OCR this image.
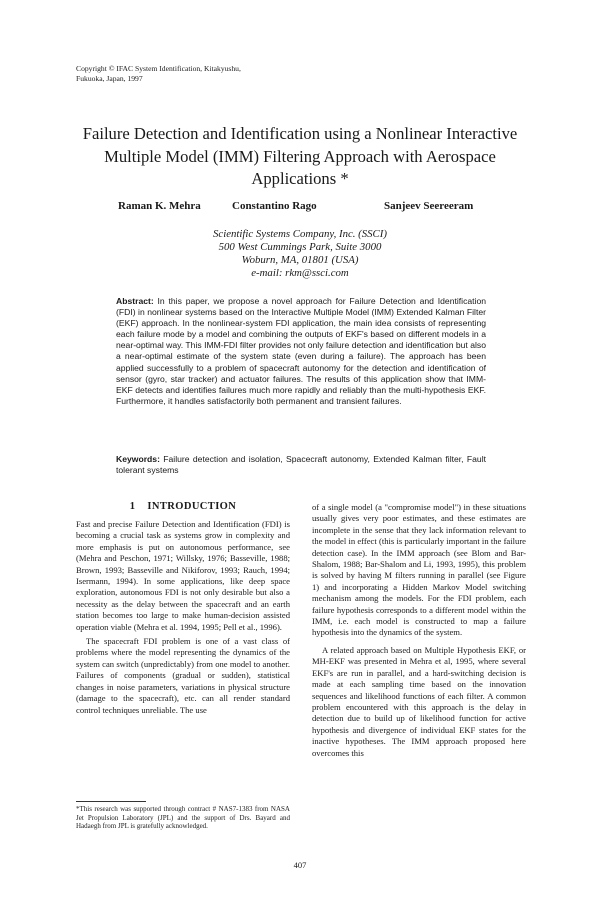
Copyright © IFAC System Identification, Kitakyushu,
Fukuoka, Japan, 1997
Failure Detection and Identification using a Nonlinear Interactive
Multiple Model (IMM) Filtering Approach with Aerospace
Applications *
Raman K. Mehra	Constantino Rago	Sanjeev Seereeram
Scientific Systems Company, Inc. (SSCI)
500 West Cummings Park, Suite 3000
Woburn, MA, 01801 (USA)
e-mail: rkm@ssci.com
Abstract: In this paper, we propose a novel approach for Failure Detection and Identification (FDI) in nonlinear systems based on the Interactive Multiple Model (IMM) Extended Kalman Filter (EKF) approach. In the nonlinear-system FDI application, the main idea consists of representing each failure mode by a model and combining the outputs of EKF's based on different models in a near-optimal way. This IMM-FDI filter provides not only failure detection and identification but also a near-optimal estimate of the system state (even during a failure). The approach has been applied successfully to a problem of spacecraft autonomy for the detection and identification of sensor (gyro, star tracker) and actuator failures. The results of this application show that IMM-EKF detects and identifies failures much more rapidly and reliably than the multi-hypothesis EKF. Furthermore, it handles satisfactorily both permanent and transient failures.
Keywords: Failure detection and isolation, Spacecraft autonomy, Extended Kalman filter, Fault tolerant systems
1 INTRODUCTION

Fast and precise Failure Detection and Identification (FDI) is becoming a crucial task as systems grow in complexity and more emphasis is put on autonomous performance, see (Mehra and Peschon, 1971; Willsky, 1976; Basseville, 1988; Brown, 1993; Basseville and Nikiforov, 1993; Rauch, 1994; Isermann, 1994). In some applications, like deep space exploration, autonomous FDI is not only desirable but also a necessity as the delay between the spacecraft and an earth station becomes too large to make human-decision assisted operation viable (Mehra et al. 1994, 1995; Pell et al., 1996).

The spacecraft FDI problem is one of a vast class of problems where the model representing the dynamics of the system can switch (unpredictably) from one model to another. Failures of components (gradual or sudden), statistical changes in noise parameters, variations in physical structure (damage to the spacecraft), etc. can all render standard control techniques unreliable. The use

of a single model (a "compromise model") in these situations usually gives very poor estimates, and these estimates are incomplete in the sense that they lack information relevant to the model in effect (this is particularly important in the failure detection case). In the IMM approach (see Blom and Bar-Shalom, 1988; Bar-Shalom and Li, 1993, 1995), this problem is solved by having M filters running in parallel (see Figure 1) and incorporating a Hidden Markov Model switching mechanism among the models. For the FDI problem, each failure hypothesis corresponds to a different model within the IMM, i.e. each model is constructed to map a failure hypothesis into the dynamics of the system.

A related approach based on Multiple Hypothesis EKF, or MH-EKF was presented in Mehra et al, 1995, where several EKF's are run in parallel, and a hard-switching decision is made at each sampling time based on the innovation sequences and likelihood functions of each filter. A common problem encountered with this approach is the delay in detection due to build up of likelihood function for active hypothesis and divergence of individual EKF states for the inactive hypotheses. The IMM approach proposed here overcomes this

*This research was supported through contract # NAS7-1383 from NASA Jet Propulsion Laboratory (JPL) and the support of Drs. Bayard and Hadaegh from JPL is gratefully acknowledged.
407
